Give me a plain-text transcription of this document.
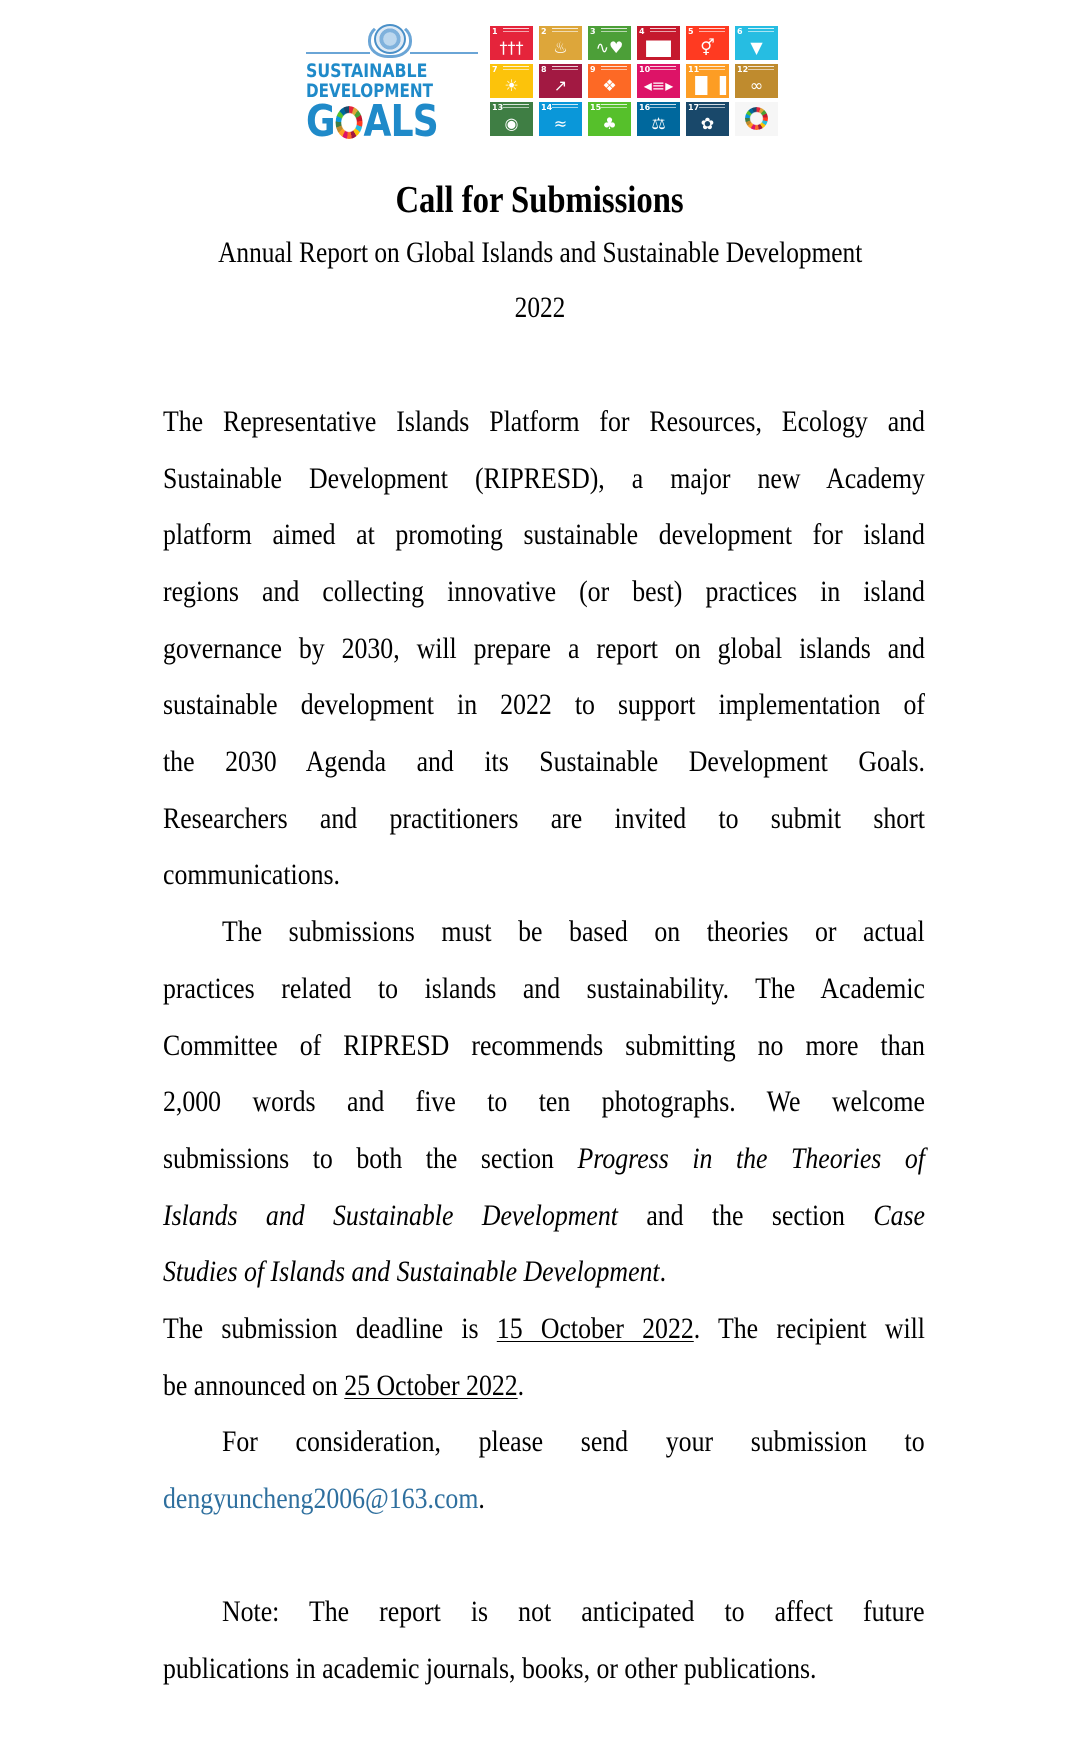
SUSTAINABLE
DEVELOPMENT
G ALS
1
†††
2
♨
3
∿♥
4
▇▇
5
⚥
6
▼
7
☀
8
↗
9
❖
10
◂≡▸
11
▐▌▐
12
∞
13
◉
14
≈
15
♣
16
⚖
17
✿
Call for Submissions
Annual Report on Global Islands and Sustainable Development
2022
The Representative Islands Platform for Resources, Ecology and
Sustainable Development (RIPRESD), a major new Academy
platform aimed at promoting sustainable development for island
regions and collecting innovative (or best) practices in island
governance by 2030, will prepare a report on global islands and
sustainable development in 2022 to support implementation of
the 2030 Agenda and its Sustainable Development Goals.
Researchers and practitioners are invited to submit short
communications.
The submissions must be based on theories or actual
practices related to islands and sustainability. The Academic
Committee of RIPRESD recommends submitting no more than
2,000 words and five to ten photographs. We welcome
submissions to both the section Progress in the Theories of
Islands and Sustainable Development and the section Case
Studies of Islands and Sustainable Development.
The submission deadline is 15 October 2022. The recipient will
be announced on 25 October 2022.
For consideration, please send your submission to
dengyuncheng2006@163.com.
Note: The report is not anticipated to affect future
publications in academic journals, books, or other publications.
